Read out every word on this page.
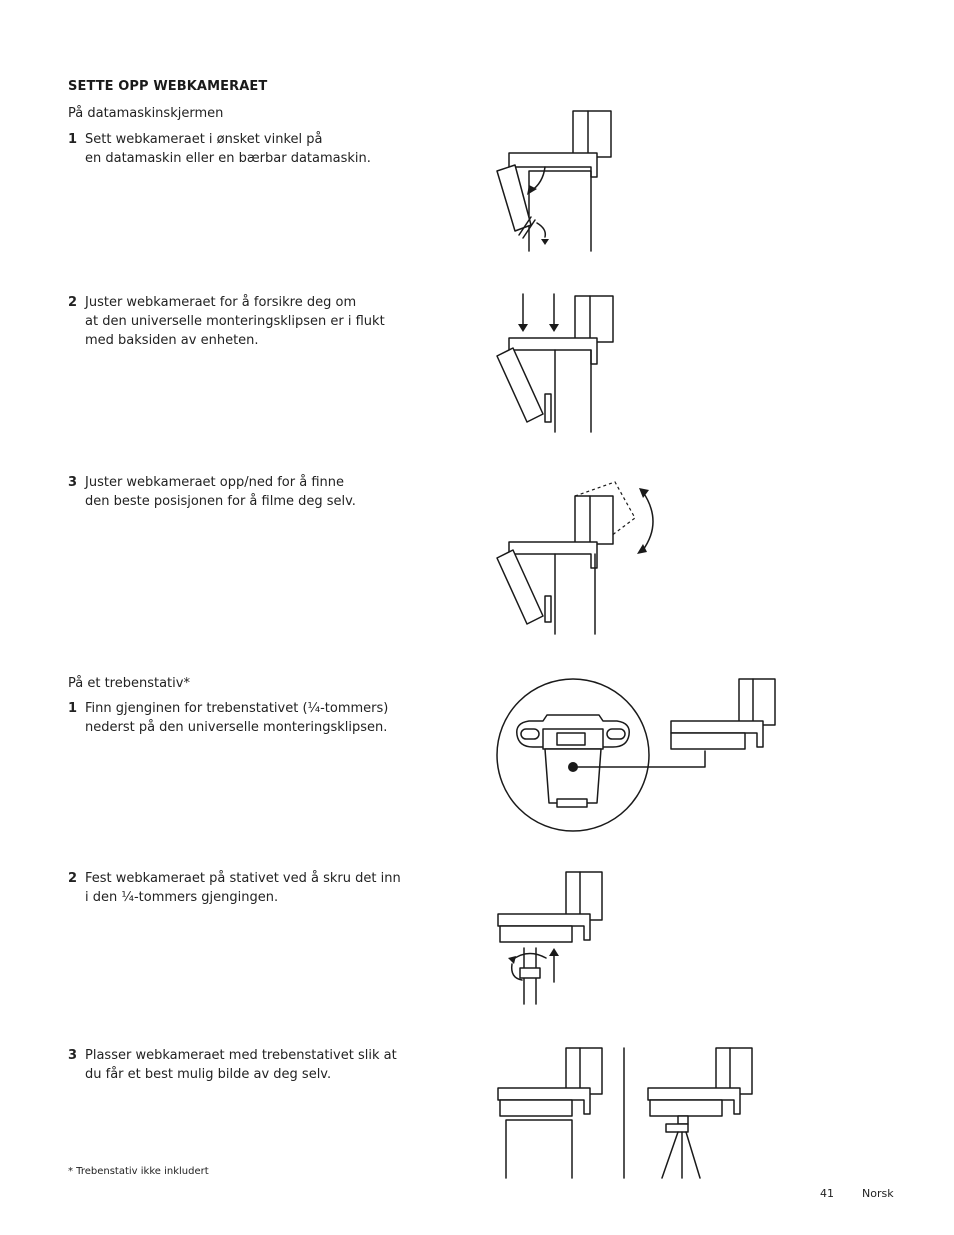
SETTE OPP WEBKAMERAET
På datamaskinskjermen
1 Sett webkameraet i ønsket vinkel på
en datamaskin eller en bærbar datamaskin.
2 Juster webkameraet for å forsikre deg om
at den universelle monteringsklipsen er i flukt
med baksiden av enheten.
3 Juster webkameraet opp/ned for å finne
den beste posisjonen for å filme deg selv.
På et trebenstativ*
1 Finn gjenginen for trebenstativet (¼-tommers)
nederst på den universelle monteringsklipsen.
2 Fest webkameraet på stativet ved å skru det inn
i den ¼-tommers gjengingen.
3 Plasser webkameraet med trebenstativet slik at
du får et best mulig bilde av deg selv.
* Trebenstativ ikke inkludert
41	Norsk
